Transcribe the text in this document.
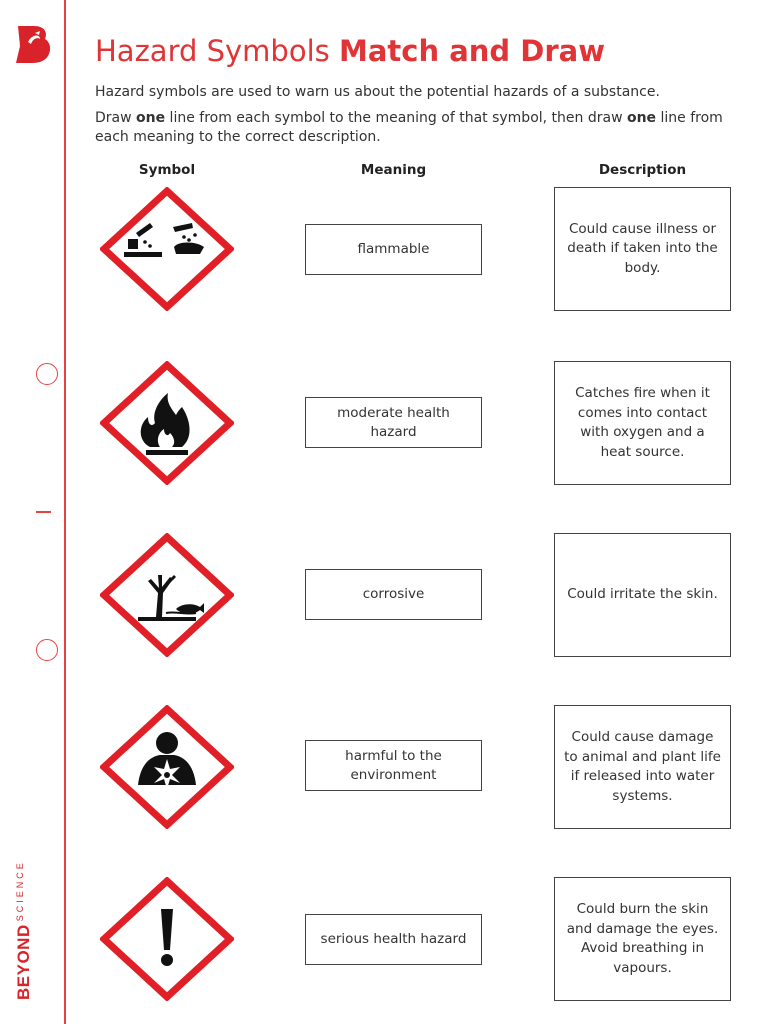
$BEYOND^{SCIENCE}$
Hazard Symbols Match and Draw

Hazard symbols are used to warn us about the potential hazards of a substance.

Draw one line from each symbol to the meaning of that symbol, then draw one line from each meaning to the correct description.

Symbol	Meaning	Description
flammable
moderate health hazard
corrosive
harmful to the environment
serious health hazard
Could cause illness or death if taken into the body.
Catches fire when it comes into contact with oxygen and a heat source.
Could irritate the skin.
Could cause damage to animal and plant life if released into water systems.
Could burn the skin and damage the eyes. Avoid breathing in vapours.
